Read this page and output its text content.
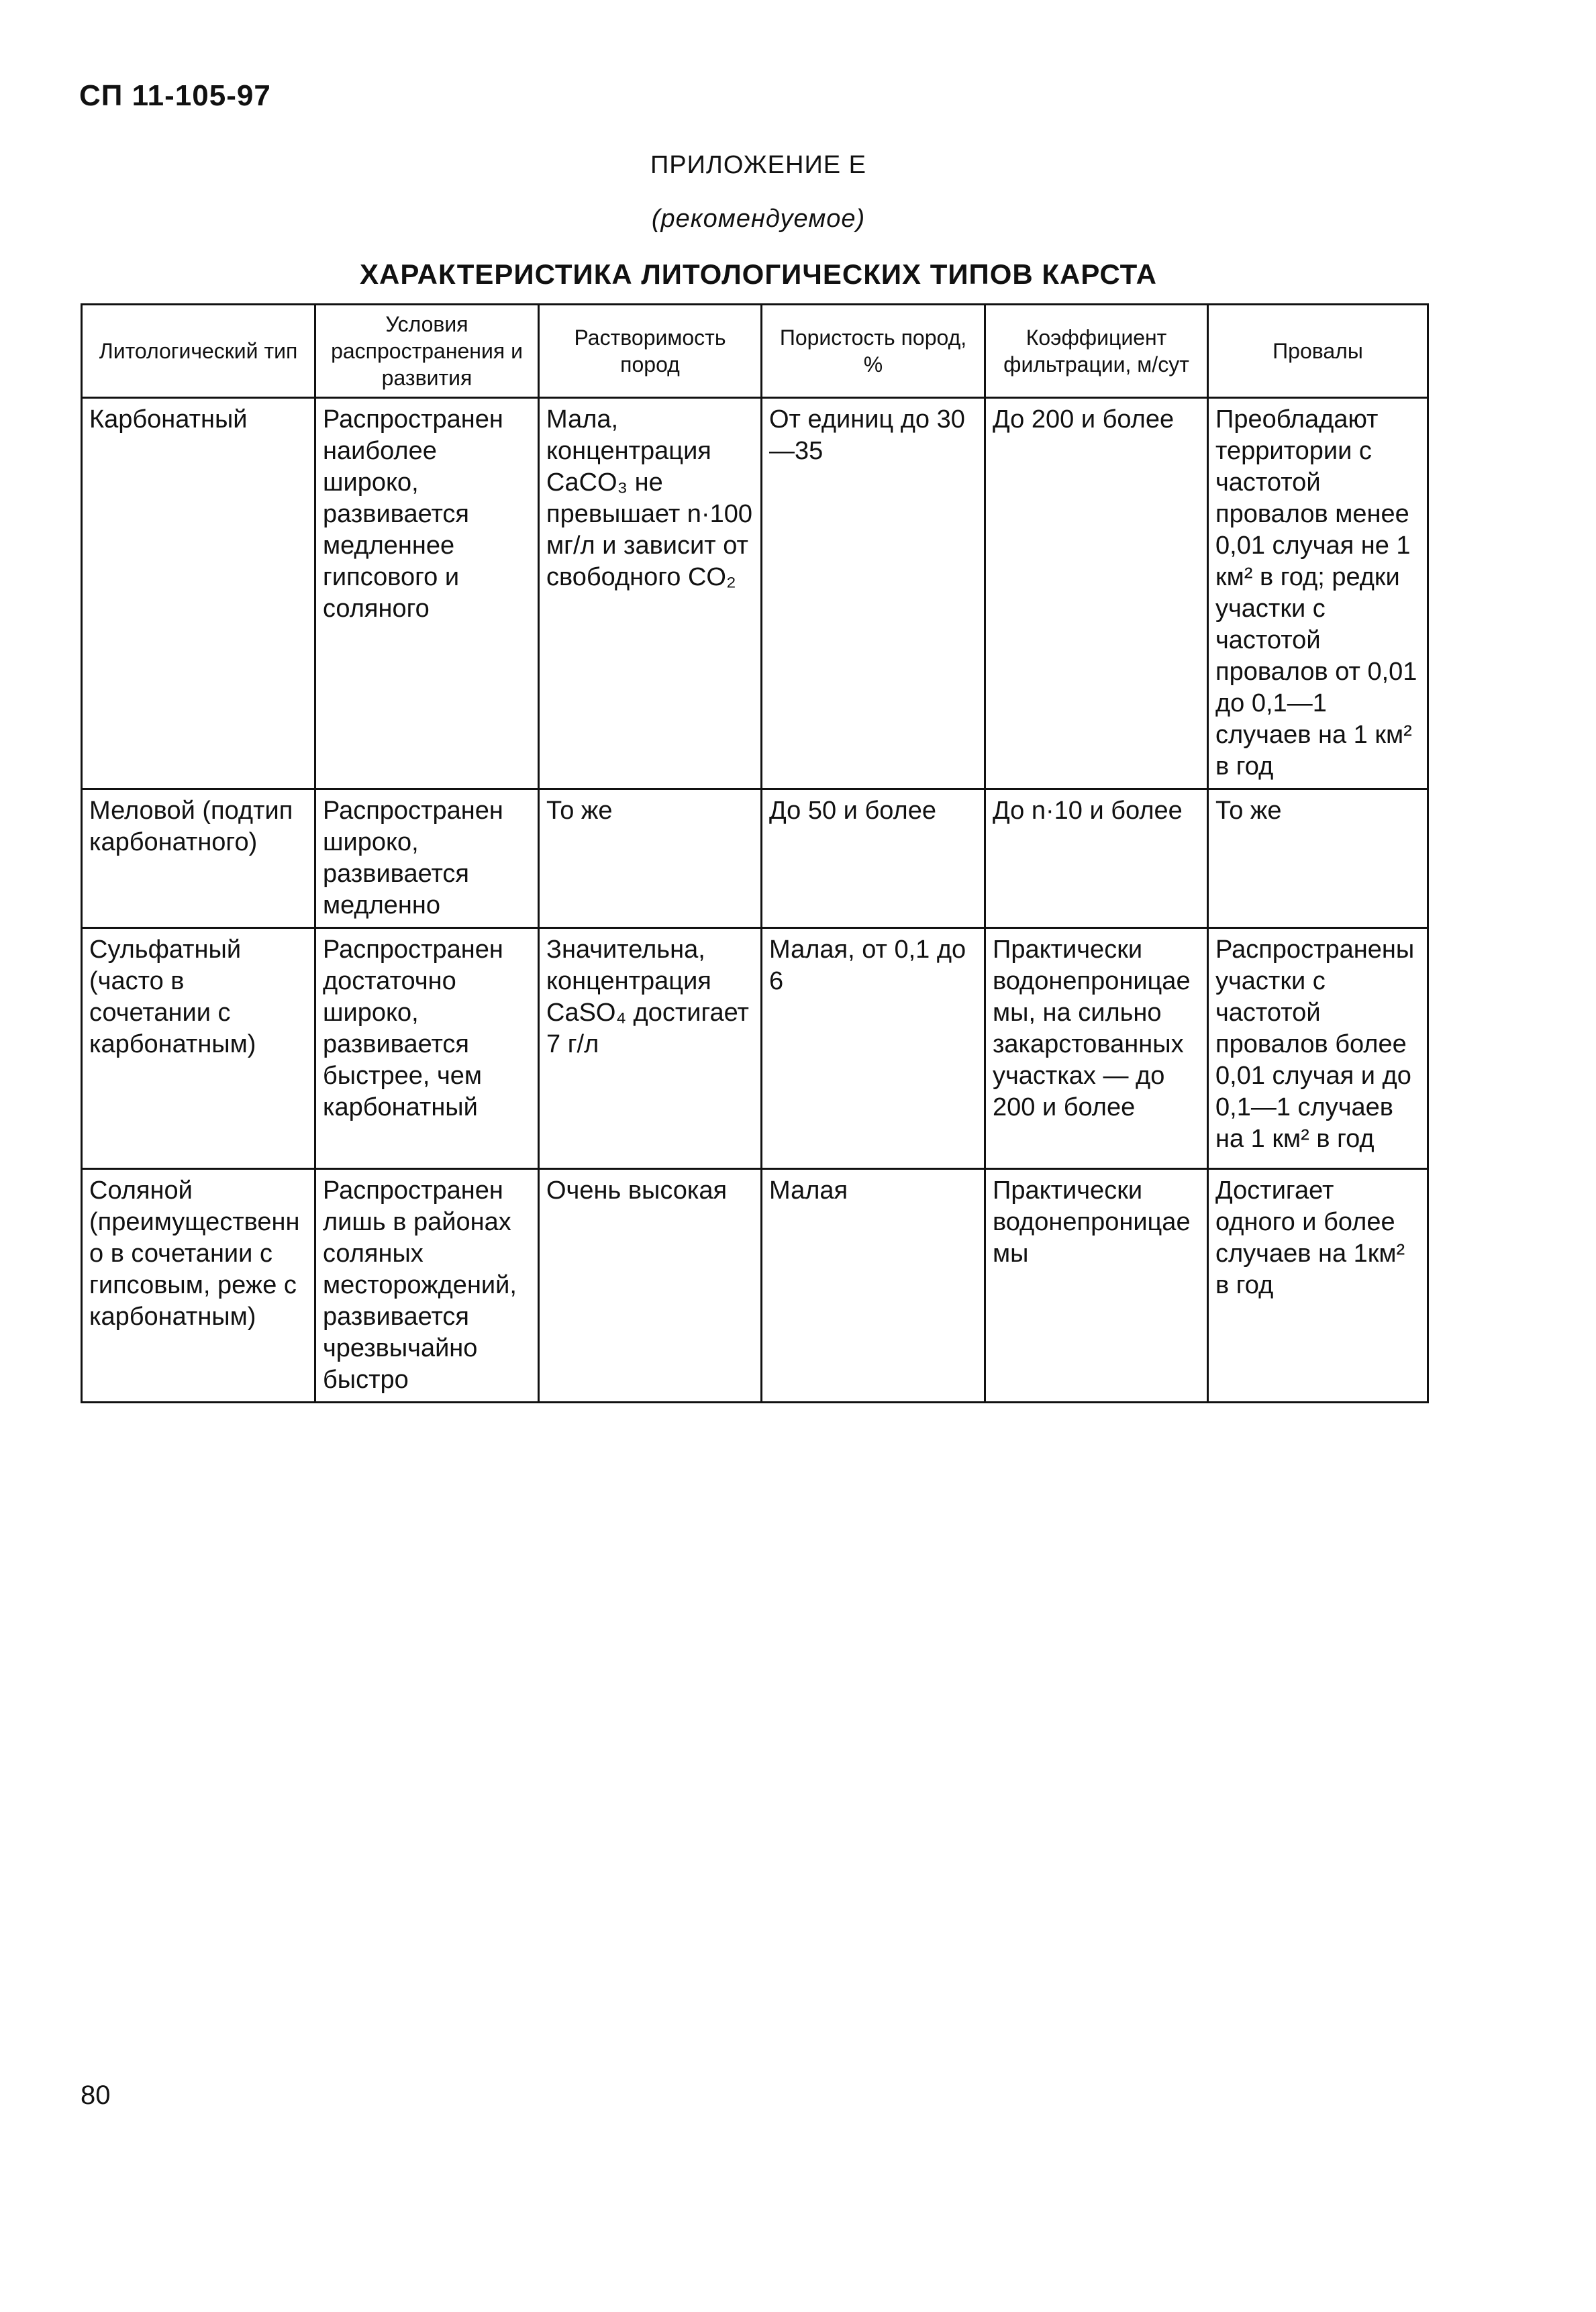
СП 11-105-97
ПРИЛОЖЕНИЕ Е
(рекомендуемое)
ХАРАКТЕРИСТИКА ЛИТОЛОГИЧЕСКИХ ТИПОВ КАРСТА
Литологический тип	Условия распространения и развития	Растворимость пород	Пористость пород, %	Коэффициент фильтрации, м/сут	Провалы
Карбонатный	Распространен наиболее широко, развивается медленнее гипсового и соляного	Мала, концентрация CaCO₃ не превышает n·100 мг/л и зависит от свободного CO₂	От единиц до 30—35	До 200 и более	Преобладают территории с частотой провалов менее 0,01 случая не 1 км² в год; редки участки с частотой провалов от 0,01 до 0,1—1 случаев на 1 км² в год
Меловой (подтип карбонатного)	Распространен широко, развивается медленно	То же	До 50 и более	До n·10 и более	То же
Сульфатный (часто в сочетании с карбонатным)	Распространен достаточно широко, развивается быстрее, чем карбонатный	Значительна, концентрация CaSO₄ достигает 7 г/л	Малая, от 0,1 до 6	Практически водонепроницаемы, на сильно закарстованных участках — до 200 и более	Распространены участки с частотой провалов более 0,01 случая и до 0,1—1 случаев на 1 км² в год
Соляной (преимущественно в сочетании с гипсовым, реже с карбонатным)	Распространен лишь в районах соляных месторождений, развивается чрезвычайно быстро	Очень высокая	Малая	Практически водонепроницаемы	Достигает одного и более случаев на 1км² в год
80
